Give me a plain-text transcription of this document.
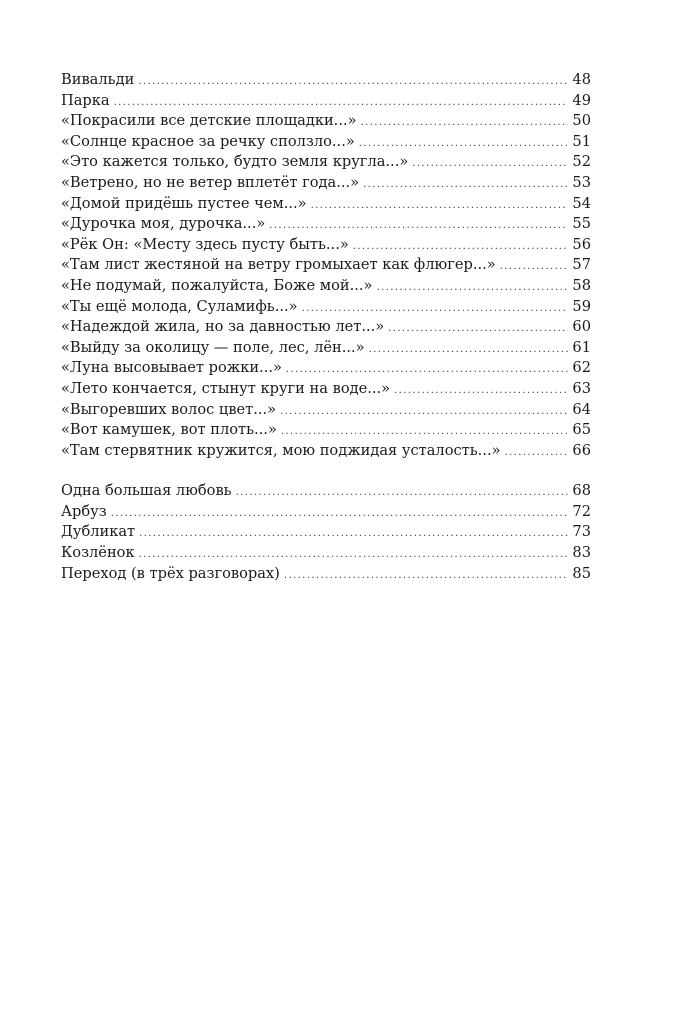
Вивальди .....	48
Парка .....	49
«Покрасили все детские площадки...» .....	50
«Солнце красное за речку сползло...» .....	51
«Это кажется только, будто земля кругла...» .....	52
«Ветрено, но не ветер вплетёт года...» .....	53
«Домой придёшь пустее чем...» .....	54
«Дурочка моя, дурочка...» .....	55
«Рёк Он: «Месту здесь пусту быть...» .....	56
«Там лист жестяной на ветру громыхает как флюгер...» .....	57
«Не подумай, пожалуйста, Боже мой...» .....	58
«Ты ещё молода, Суламифь...» .....	59
«Надеждой жила, но за давностью лет...» .....	60
«Выйду за околицу — поле, лес, лён...» .....	61
«Луна высовывает рожки...» .....	62
«Лето кончается, стынут круги на воде...» .....	63
«Выгоревших волос цвет...» .....	64
«Вот камушек, вот плоть...» .....	65
«Там стервятник кружится, мою поджидая усталость...» .....	66
Одна большая любовь .....	68
Арбуз .....	72
Дубликат .....	73
Козлёнок .....	83
Переход (в трёх разговорах) .....	85
